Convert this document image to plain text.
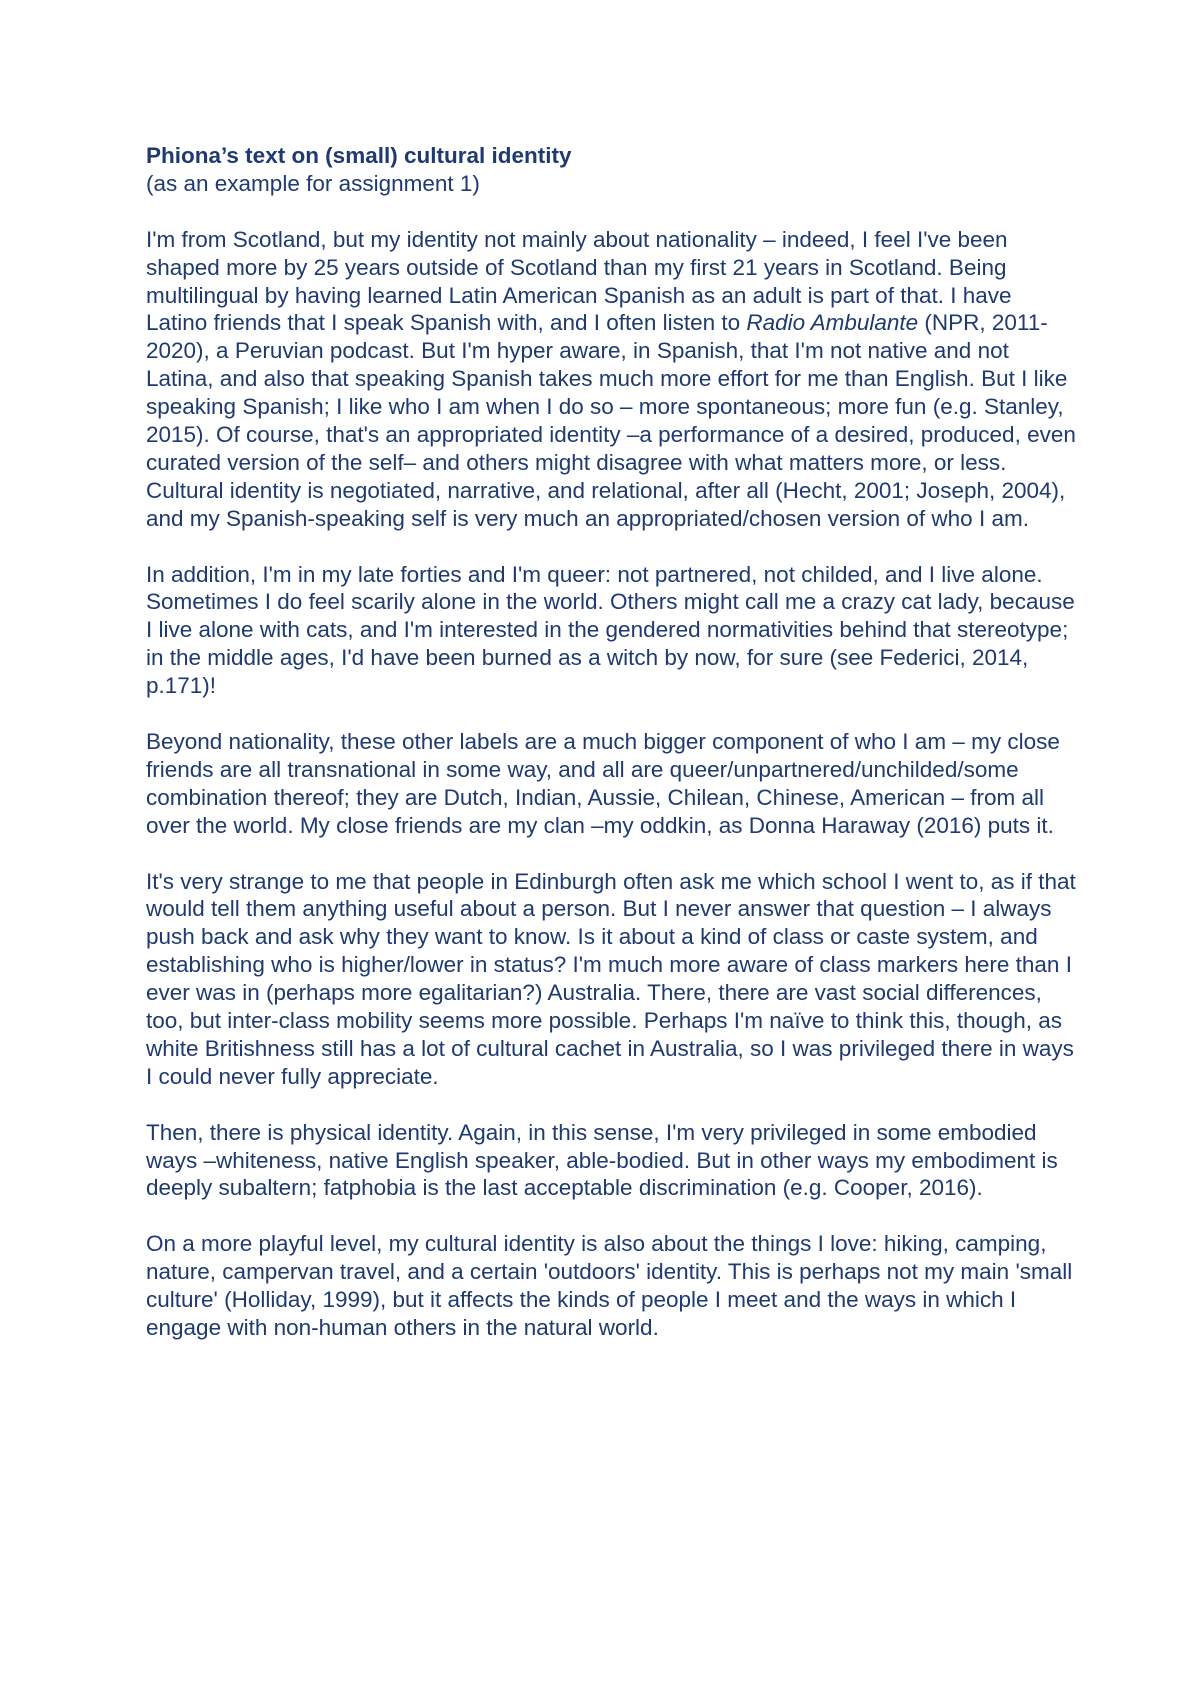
Phiona’s text on (small) cultural identity

(as an example for assignment 1)

I'm from Scotland, but my identity not mainly about nationality – indeed, I feel I've been shaped more by 25 years outside of Scotland than my first 21 years in Scotland. Being multilingual by having learned Latin American Spanish as an adult is part of that. I have Latino friends that I speak Spanish with, and I often listen to Radio Ambulante (NPR, 2011-2020), a Peruvian podcast. But I'm hyper aware, in Spanish, that I'm not native and not Latina, and also that speaking Spanish takes much more effort for me than English. But I like speaking Spanish; I like who I am when I do so – more spontaneous; more fun (e.g. Stanley, 2015). Of course, that's an appropriated identity –a performance of a desired, produced, even curated version of the self– and others might disagree with what matters more, or less. Cultural identity is negotiated, narrative, and relational, after all (Hecht, 2001; Joseph, 2004), and my Spanish-speaking self is very much an appropriated/chosen version of who I am.

In addition, I'm in my late forties and I'm queer: not partnered, not childed, and I live alone. Sometimes I do feel scarily alone in the world. Others might call me a crazy cat lady, because I live alone with cats, and I'm interested in the gendered normativities behind that stereotype; in the middle ages, I'd have been burned as a witch by now, for sure (see Federici, 2014, p.171)!

Beyond nationality, these other labels are a much bigger component of who I am – my close friends are all transnational in some way, and all are queer/unpartnered/unchilded/some combination thereof; they are Dutch, Indian, Aussie, Chilean, Chinese, American – from all over the world. My close friends are my clan –my oddkin, as Donna Haraway (2016) puts it.

It's very strange to me that people in Edinburgh often ask me which school I went to, as if that would tell them anything useful about a person. But I never answer that question – I always push back and ask why they want to know. Is it about a kind of class or caste system, and establishing who is higher/lower in status? I'm much more aware of class markers here than I ever was in (perhaps more egalitarian?) Australia. There, there are vast social differences, too, but inter-class mobility seems more possible. Perhaps I'm naïve to think this, though, as white Britishness still has a lot of cultural cachet in Australia, so I was privileged there in ways I could never fully appreciate.

Then, there is physical identity. Again, in this sense, I'm very privileged in some embodied ways –whiteness, native English speaker, able-bodied. But in other ways my embodiment is deeply subaltern; fatphobia is the last acceptable discrimination (e.g. Cooper, 2016).

On a more playful level, my cultural identity is also about the things I love: hiking, camping, nature, campervan travel, and a certain 'outdoors' identity. This is perhaps not my main 'small culture' (Holliday, 1999), but it affects the kinds of people I meet and the ways in which I engage with non-human others in the natural world.
